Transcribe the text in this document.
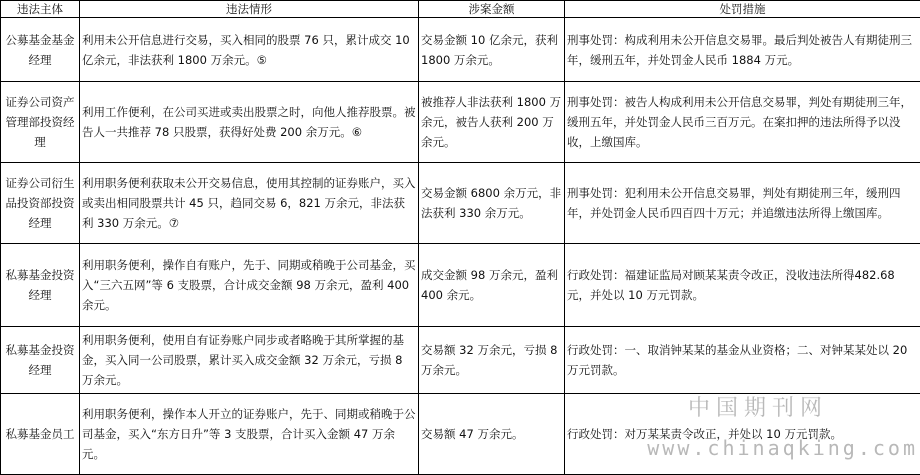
违法主体	违法情形	涉案金额	处罚措施
公募基金基金经理	利用未公开信息进行交易，买入相同的股票 76 只，累计成交 10 亿余元，非法获利 1800 万余元。⑤	交易金额 10 亿余元，获利 1800 万余元。	刑事处罚：构成利用未公开信息交易罪。最后判处被告人有期徒刑三年，缓刑五年，并处罚金人民币 1884 万元。
证券公司资产管理部投资经理	利用工作便利，在公司买进或卖出股票之时，向他人推荐股票。被告人一共推荐 78 只股票，获得好处费 200 余万元。⑥	被推荐人非法获利 1800 万余元，被告人获利 200 万余元。	刑事处罚：被告人构成利用未公开信息交易罪，判处有期徒刑三年，缓刑五年，并处罚金人民币三百万元。在案扣押的违法所得予以没收，上缴国库。
证券公司衍生品投资部投资经理	利用职务便利获取未公开交易信息，使用其控制的证券账户，买入或卖出相同股票共计 45 只，趋同交易 6，821 万余元，非法获利 330 万余元。⑦	交易金额 6800 余万元，非法获利 330 余万元。	刑事处罚：犯利用未公开信息交易罪，判处有期徒刑三年，缓刑四年，并处罚金人民币四百四十万元；并追缴违法所得上缴国库。
私募基金投资经理	利用职务便利，操作自有账户，先于、同期或稍晚于公司基金，买入“三六五网”等 6 支股票，合计成交金额 98 万余元，盈利 400 余元。	成交金额 98 万余元，盈利 400 余元。	行政处罚：福建证监局对顾某某责令改正，没收违法所得482.68 元，并处以 10 万元罚款。
私募基金投资经理	利用职务便利，使用自有证券账户同步或者略晚于其所掌握的基金，买入同一公司股票，累计买入成交金额 32 万余元，亏损 8 万余元。	交易额 32 万余元，亏损 8 万余元。	行政处罚：一、取消钟某某的基金从业资格；二、对钟某某处以 20 万元罚款。
私募基金员工	利用职务便利，操作本人开立的证券账户，先于、同期或稍晚于公司基金，买入“东方日升”等 3 支股票，合计买入金额 47 万余元。	交易额 47 万余元。	行政处罚：对万某某责令改正，并处以 10 万元罚款。
中国期刊网
www.chinaqking.com
